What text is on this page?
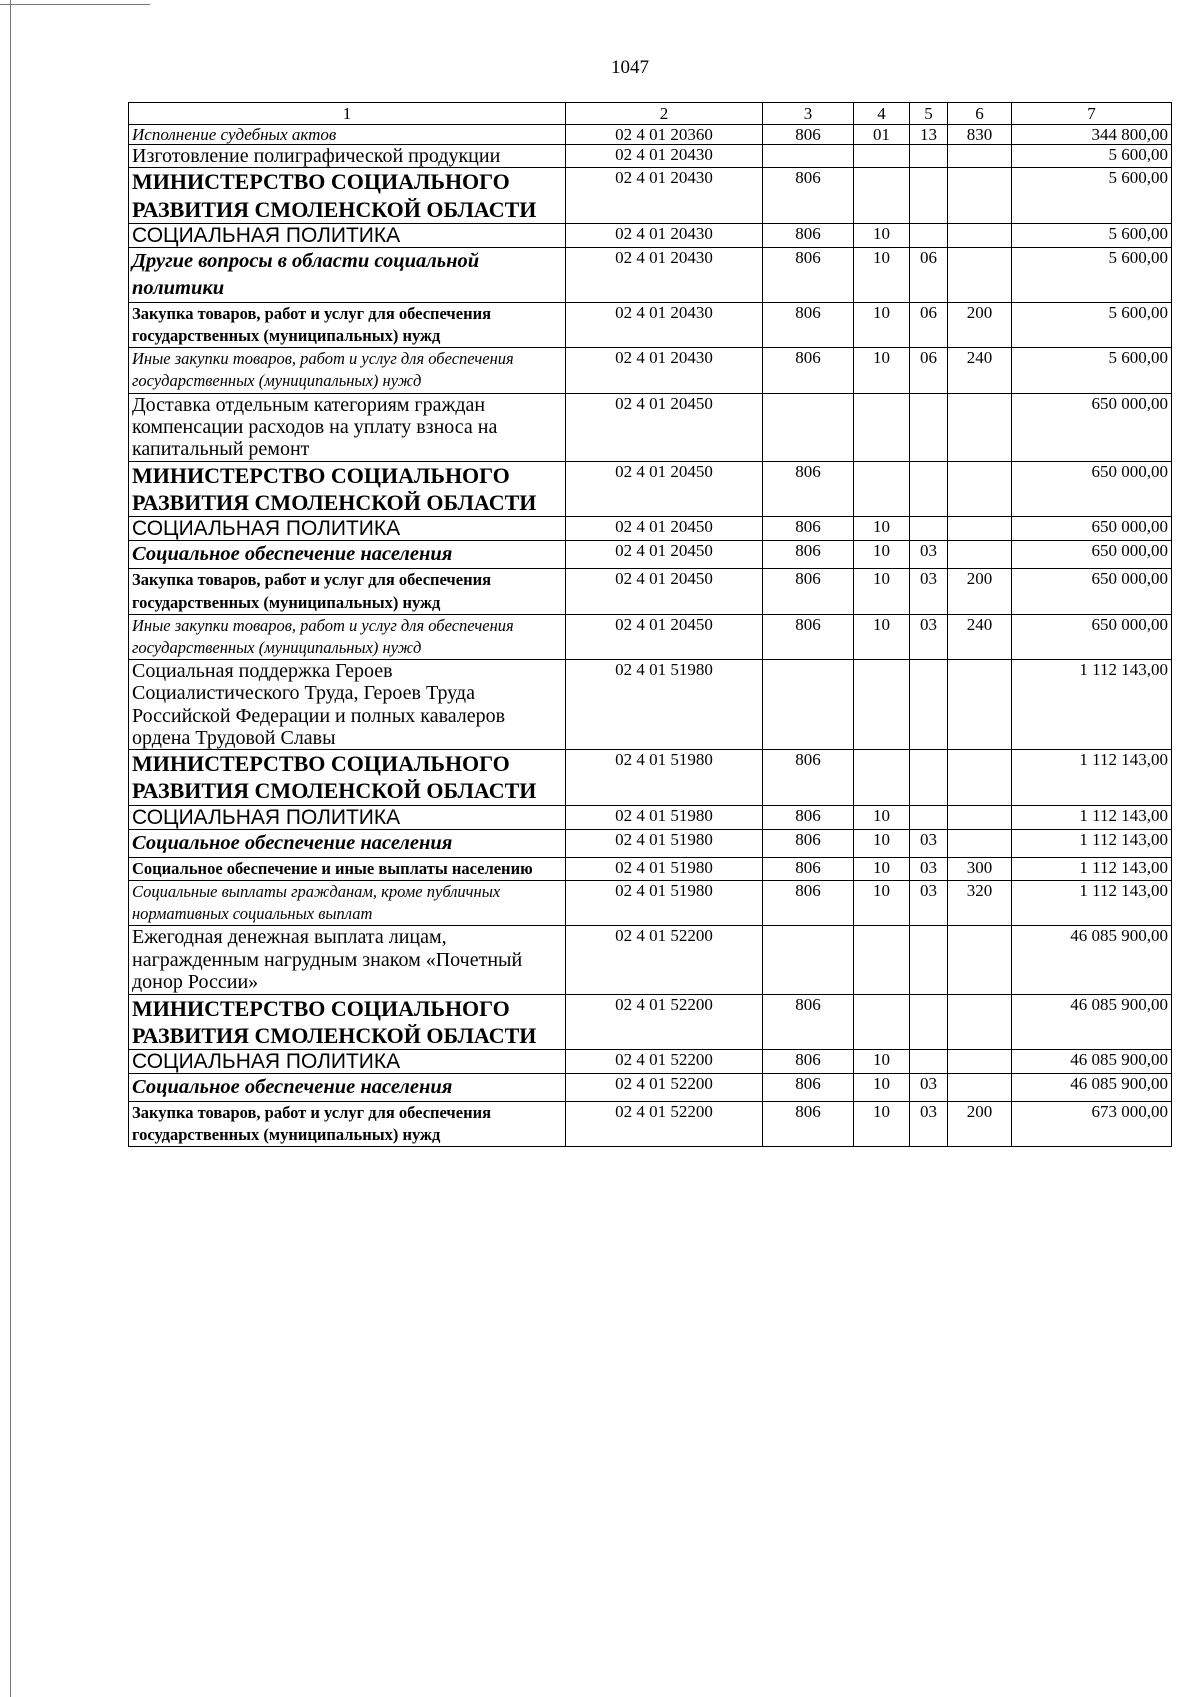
1047
1	2	3	4	5	6	7
Исполнение судебных актов	02 4 01 20360	806	01	13	830	344 800,00
Изготовление полиграфической продукции	02 4 01 20430					5 600,00
МИНИСТЕРСТВО СОЦИАЛЬНОГО РАЗВИТИЯ СМОЛЕНСКОЙ ОБЛАСТИ	02 4 01 20430	806				5 600,00
СОЦИАЛЬНАЯ ПОЛИТИКА	02 4 01 20430	806	10			5 600,00
Другие вопросы в области социальной политики	02 4 01 20430	806	10	06		5 600,00
Закупка товаров, работ и услуг для обеспечения государственных (муниципальных) нужд	02 4 01 20430	806	10	06	200	5 600,00
Иные закупки товаров, работ и услуг для обеспечения государственных (муниципальных) нужд	02 4 01 20430	806	10	06	240	5 600,00
Доставка отдельным категориям граждан компенсации расходов на уплату взноса на капитальный ремонт	02 4 01 20450					650 000,00
МИНИСТЕРСТВО СОЦИАЛЬНОГО РАЗВИТИЯ СМОЛЕНСКОЙ ОБЛАСТИ	02 4 01 20450	806				650 000,00
СОЦИАЛЬНАЯ ПОЛИТИКА	02 4 01 20450	806	10			650 000,00
Социальное обеспечение населения	02 4 01 20450	806	10	03		650 000,00
Закупка товаров, работ и услуг для обеспечения государственных (муниципальных) нужд	02 4 01 20450	806	10	03	200	650 000,00
Иные закупки товаров, работ и услуг для обеспечения государственных (муниципальных) нужд	02 4 01 20450	806	10	03	240	650 000,00
Социальная поддержка Героев Социалистического Труда, Героев Труда Российской Федерации и полных кавалеров ордена Трудовой Славы	02 4 01 51980					1 112 143,00
МИНИСТЕРСТВО СОЦИАЛЬНОГО РАЗВИТИЯ СМОЛЕНСКОЙ ОБЛАСТИ	02 4 01 51980	806				1 112 143,00
СОЦИАЛЬНАЯ ПОЛИТИКА	02 4 01 51980	806	10			1 112 143,00
Социальное обеспечение населения	02 4 01 51980	806	10	03		1 112 143,00
Социальное обеспечение и иные выплаты населению	02 4 01 51980	806	10	03	300	1 112 143,00
Социальные выплаты гражданам, кроме публичных нормативных социальных выплат	02 4 01 51980	806	10	03	320	1 112 143,00
Ежегодная денежная выплата лицам, награжденным нагрудным знаком «Почетный донор России»	02 4 01 52200					46 085 900,00
МИНИСТЕРСТВО СОЦИАЛЬНОГО РАЗВИТИЯ СМОЛЕНСКОЙ ОБЛАСТИ	02 4 01 52200	806				46 085 900,00
СОЦИАЛЬНАЯ ПОЛИТИКА	02 4 01 52200	806	10			46 085 900,00
Социальное обеспечение населения	02 4 01 52200	806	10	03		46 085 900,00
Закупка товаров, работ и услуг для обеспечения государственных (муниципальных) нужд	02 4 01 52200	806	10	03	200	673 000,00
